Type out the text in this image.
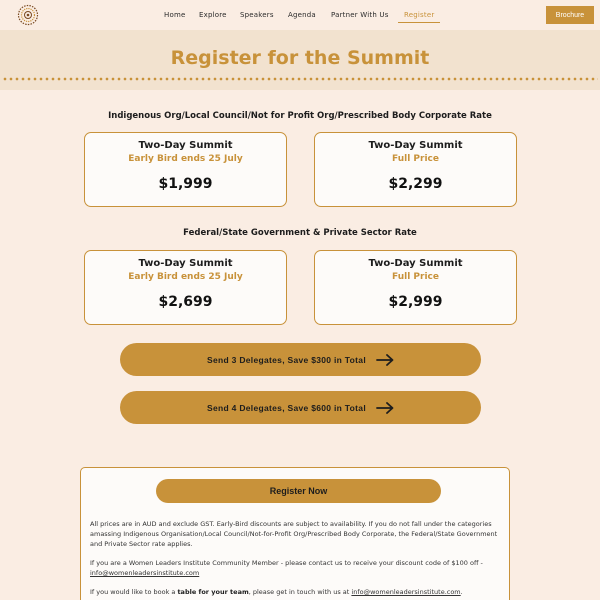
Home Explore Speakers Agenda Partner With Us Register	Brochure
Register for the Summit
Indigenous Org/Local Council/Not for Profit Org/Prescribed Body Corporate Rate
Two-Day Summit
Early Bird ends 25 July
$1,999
Two-Day Summit
Full Price
$2,299
Federal/State Government & Private Sector Rate
Two-Day Summit
Early Bird ends 25 July
$2,699
Two-Day Summit
Full Price
$2,999
Send 3 Delegates, Save $300 in Total
Send 4 Delegates, Save $600 in Total
Register Now

All prices are in AUD and exclude GST. Early-Bird discounts are subject to availability. If you do not fall under the categories amassing Indigenous Organisation/Local Council/Not-for-Profit Org/Prescribed Body Corporate, the Federal/State Government and Private Sector rate applies.

If you are a Women Leaders Institute Community Member - please contact us to receive your discount code of $100 off - info@womenleadersinstitute.com

If you would like to book a table for your team, please get in touch with us at info@womenleadersinstitute.com.
